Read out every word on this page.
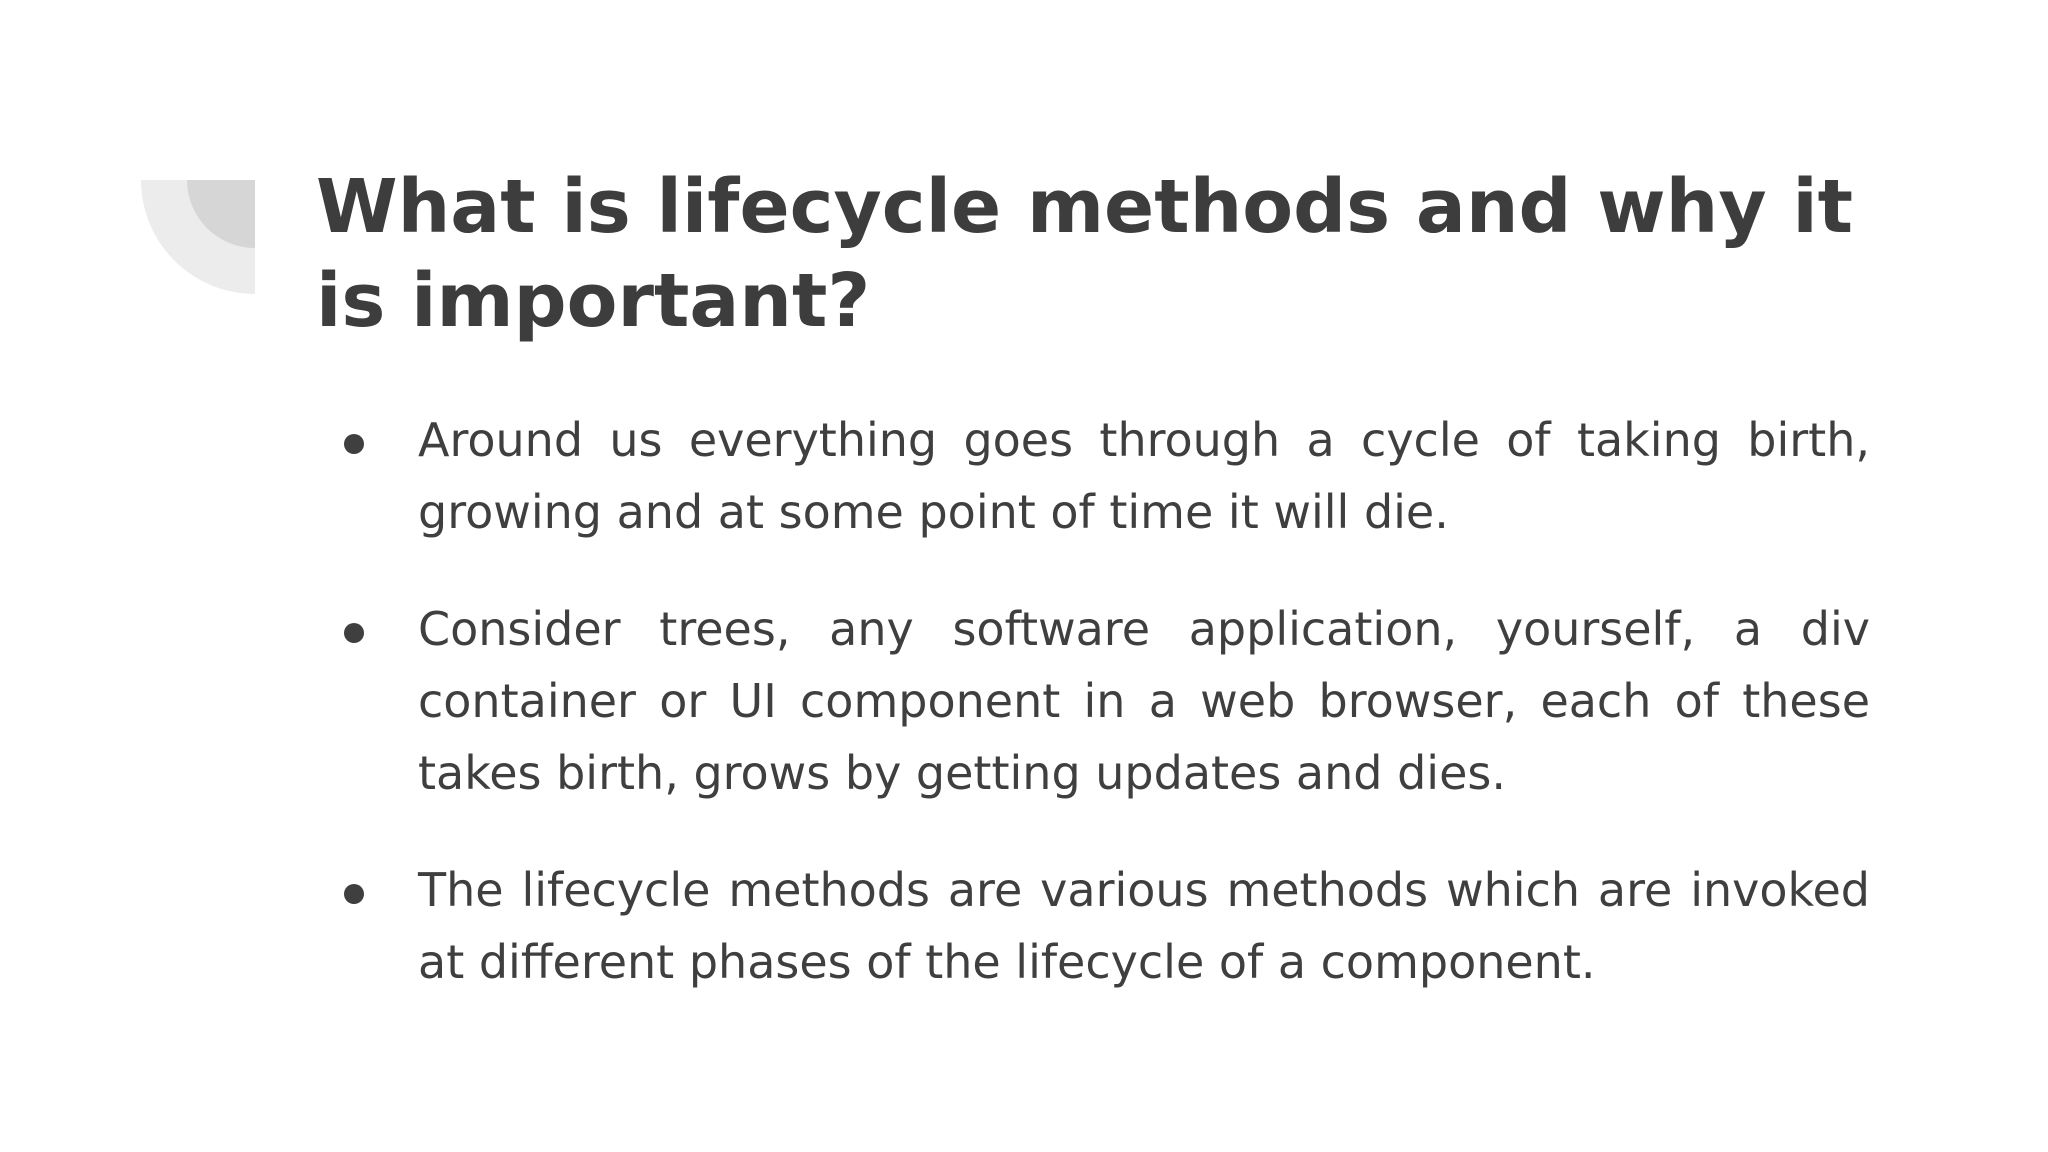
What is lifecycle methods and why it is important?
Around us everything goes through a cycle of taking birth, growing and at some point of time it will die.
Consider trees, any software application, yourself, a div container or UI component in a web browser, each of these takes birth, grows by getting updates and dies.
The lifecycle methods are various methods which are invoked at different phases of the lifecycle of a component.
